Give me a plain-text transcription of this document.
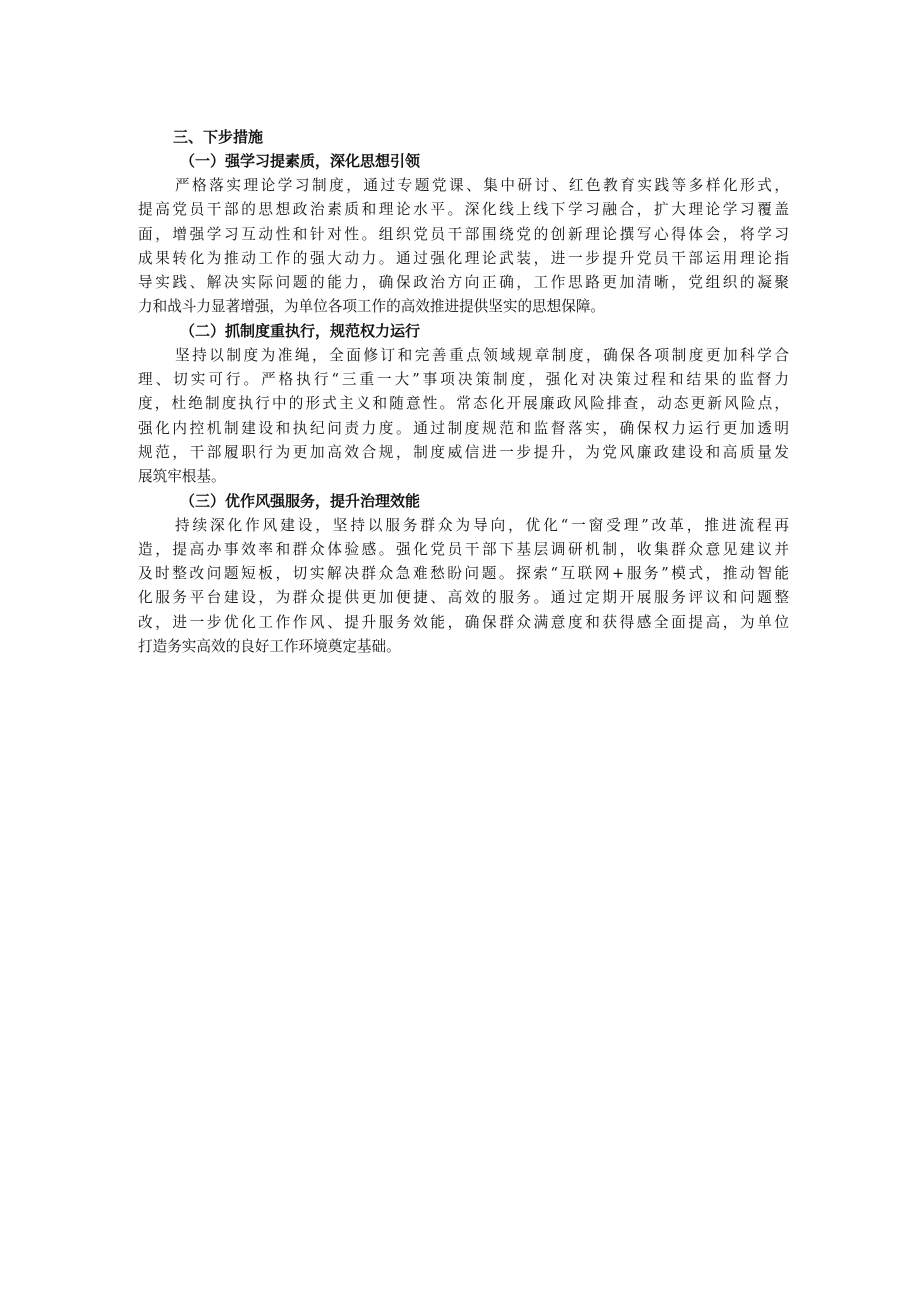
三、下步措施
（一）强学习提素质，深化思想引领

严格落实理论学习制度，通过专题党课、集中研讨、红色教育实践等多样化形式，
提高党员干部的思想政治素质和理论水平。深化线上线下学习融合，扩大理论学习覆盖
面，增强学习互动性和针对性。组织党员干部围绕党的创新理论撰写心得体会，将学习
成果转化为推动工作的强大动力。通过强化理论武装，进一步提升党员干部运用理论指
导实践、解决实际问题的能力，确保政治方向正确，工作思路更加清晰，党组织的凝聚
力和战斗力显著增强，为单位各项工作的高效推进提供坚实的思想保障。

（二）抓制度重执行，规范权力运行

坚持以制度为准绳，全面修订和完善重点领域规章制度，确保各项制度更加科学合
理、切实可行。严格执行“三重一大”事项决策制度，强化对决策过程和结果的监督力
度，杜绝制度执行中的形式主义和随意性。常态化开展廉政风险排查，动态更新风险点，
强化内控机制建设和执纪问责力度。通过制度规范和监督落实，确保权力运行更加透明
规范，干部履职行为更加高效合规，制度威信进一步提升，为党风廉政建设和高质量发
展筑牢根基。

（三）优作风强服务，提升治理效能

持续深化作风建设，坚持以服务群众为导向，优化“一窗受理”改革，推进流程再
造，提高办事效率和群众体验感。强化党员干部下基层调研机制，收集群众意见建议并
及时整改问题短板，切实解决群众急难愁盼问题。探索“互联网+服务”模式，推动智能
化服务平台建设，为群众提供更加便捷、高效的服务。通过定期开展服务评议和问题整
改，进一步优化工作作风、提升服务效能，确保群众满意度和获得感全面提高，为单位
打造务实高效的良好工作环境奠定基础。
